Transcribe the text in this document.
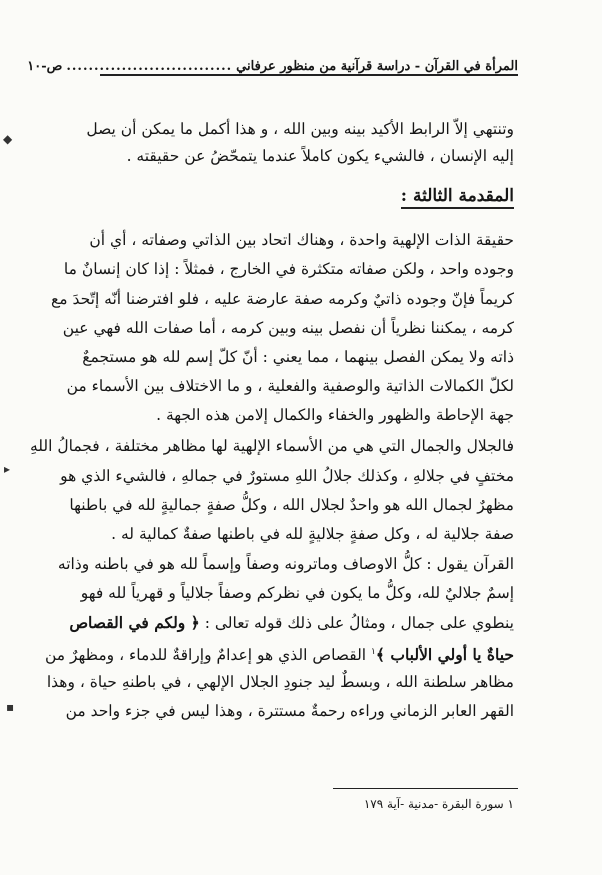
المرأة في القرآن - دراسة قرآنية من منظور عرفاني
..............................
ص-١٠
وتنتهي إلاّ الرابط الأكيد بينه وبين الله ، و هذا أكمل ما يمكن أن يصل
إليه الإنسان ، فالشيء يكون كاملاً عندما يتمحّضُ عن حقيقته .
المقدمة الثالثة :
حقيقة الذات الإلهية واحدة ، وهناك اتحاد بين الذاتي وصفاته ، أي أن
وجوده واحد ، ولكن صفاته متكثرة في الخارج ، فمثلاً : إذا كان إنسانٌ ما
كريماً فإنّ وجوده ذاتيٌ وكرمه صفة عارضة عليه ، فلو افترضنا أنّه إتّحدَ مع
كرمه ، يمكننا نظرياً أن نفصل بينه وبين كرمه ، أما صفات الله فهي عين
ذاته ولا يمكن الفصل بينهما ، مما يعني : أنّ كلّ إسم لله هو مستجمعٌ
لكلّ الكمالات الذاتية والوصفية والفعلية ، و ما الاختلاف بين الأسماء من
جهة الإحاطة والظهور والخفاء والكمال إلامن هذه الجهة .
فالجلال والجمال التي هي من الأسماء الإلهية لها مظاهر مختلفة ، فجمالُ اللهِ
مختفٍ في جلالهِ ، وكذلك جلالُ اللهِ مستورٌ في جمالهِ ، فالشيء الذي هو
مظهرٌ لجمال الله هو واحدٌ لجلال الله ، وكلُّ صفةٍ جماليةٍ لله في باطنها
صفة جلالية له ، وكل صفةٍ جلاليةٍ لله في باطنها صفةٌ كمالية له .
القرآن يقول : كلُّ الاوصاف وماترونه وصفاً وإسماً لله هو في باطنه وذاته
إسمٌ جلاليٌ لله، وكلُّ ما يكون في نظركم وصفاً جلالياً و قهرياً لله فهو
ينطوي على جمال ، ومثالُ على ذلك قوله تعالى : ﴿ ولكم في القصاص
حياةٌ يا أولي الألباب ﴾$^١$ القصاص الذي هو إعدامٌ وإراقةٌ للدماء ، ومظهرٌ من
مظاهر سلطنة الله ، وبسطٌ ليد جنودِ الجلال الإلهي ، في باطنهِ حياة ، وهذا
القهر العابر الزماني وراءه رحمةٌ مستترة ، وهذا ليس في جزء واحد من
١ سورة البقرة -مدنية -آية ١٧٩
◆
▸
▪
